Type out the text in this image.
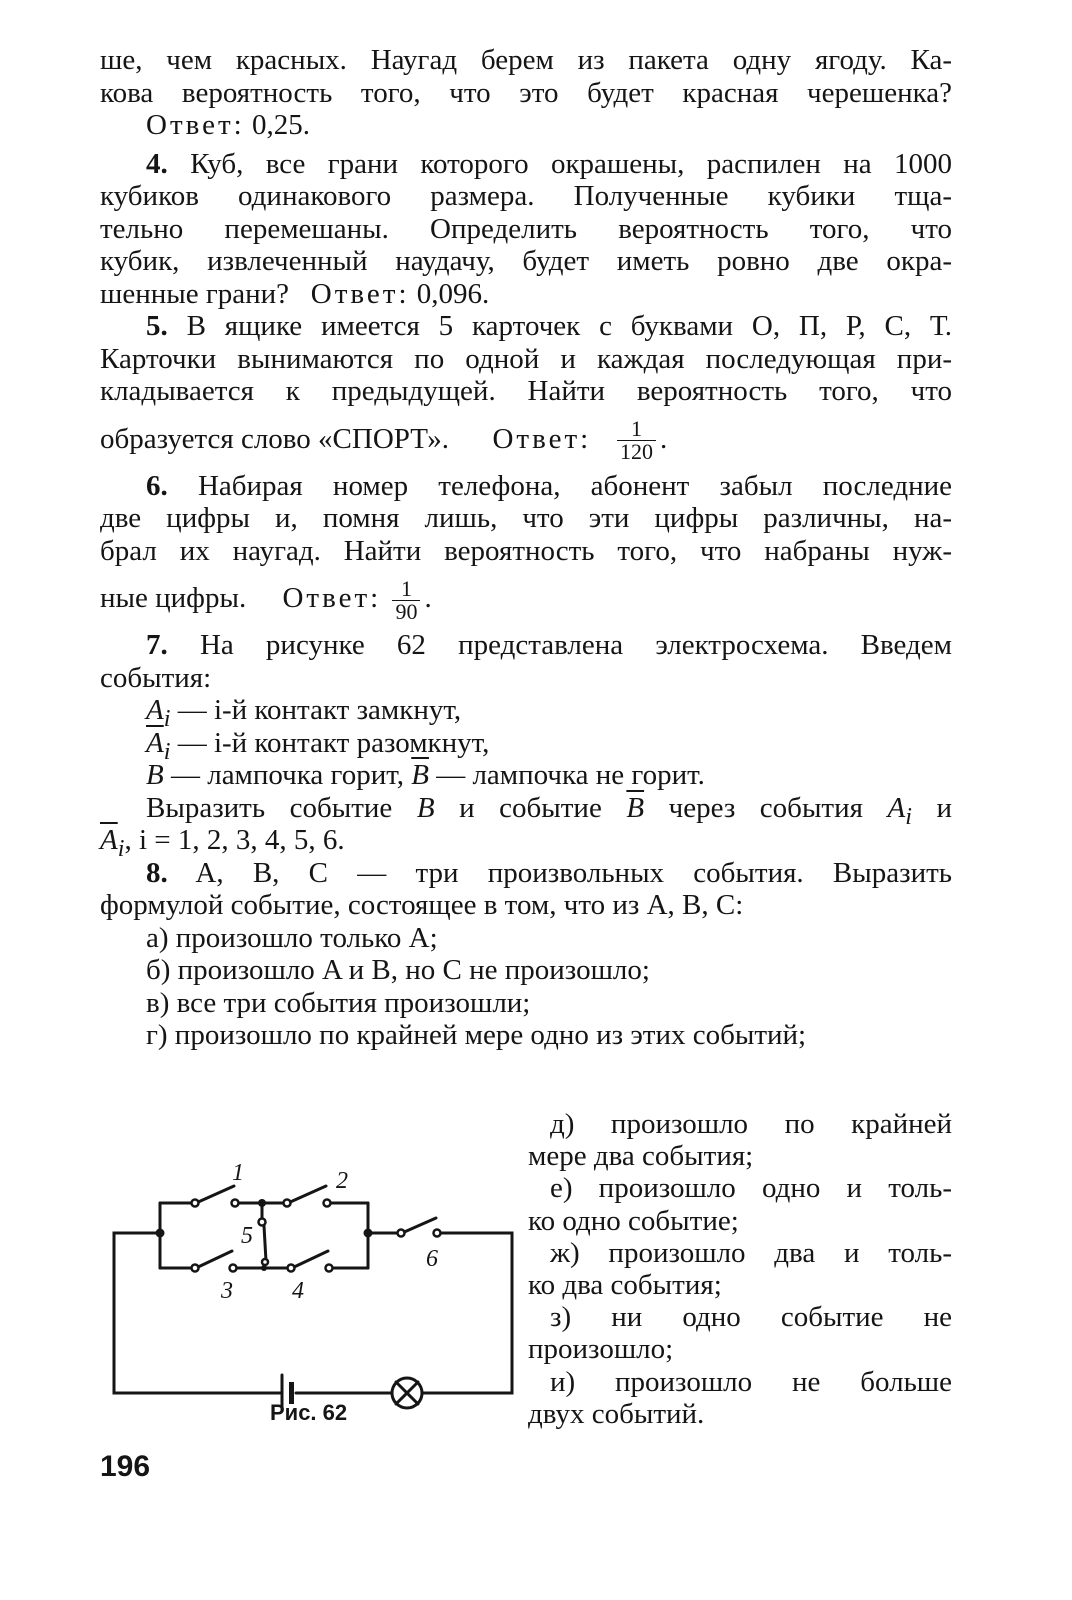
ше, чем красных. Наугад берем из пакета одну ягоду. Ка-
кова вероятность того, что это будет красная черешенка?
Ответ: 0,25.
4. Куб, все грани которого окрашены, распилен на 1000
кубиков одинакового размера. Полученные кубики тща-
тельно перемешаны. Определить вероятность того, что
кубик, извлеченный наудачу, будет иметь ровно две окра-
шенные грани? Ответ: 0,096.
5. В ящике имеется 5 карточек с буквами О, П, Р, С, Т.
Карточки вынимаются по одной и каждая последующая при-
кладывается к предыдущей. Найти вероятность того, что
образуется слово «СПОРТ». Ответ: $\frac{1}{120}$ .
6. Набирая номер телефона, абонент забыл последние
две цифры и, помня лишь, что эти цифры различны, на-
брал их наугад. Найти вероятность того, что набраны нуж-
ные цифры. Ответ: $\frac{1}{90}$ .
7. На рисунке 62 представлена электросхема. Введем
события:
$A_i$ — i-й контакт замкнут,
$\overline{A}_i$ — i-й контакт разомкнут,
B — лампочка горит, $\overline{B}$ — лампочка не горит.
Выразить событие B и событие $\overline{B}$ через события $A_i$ и
$\overline{A}_i$, i = 1, 2, 3, 4, 5, 6.
8. A, B, C — три произвольных события. Выразить
формулой событие, состоящее в том, что из A, B, C:
а) произошло только A;
б) произошло A и B, но C не произошло;
в) все три события произошли;
г) произошло по крайней мере одно из этих событий;
д) произошло по крайней
мере два события;
е) произошло одно и толь-
ко одно событие;
ж) произошло два и толь-
ко два события;
з) ни одно событие не
произошло;
и) произошло не больше
двух событий.
1	2
3 4
5
6
Рис. 62
196
